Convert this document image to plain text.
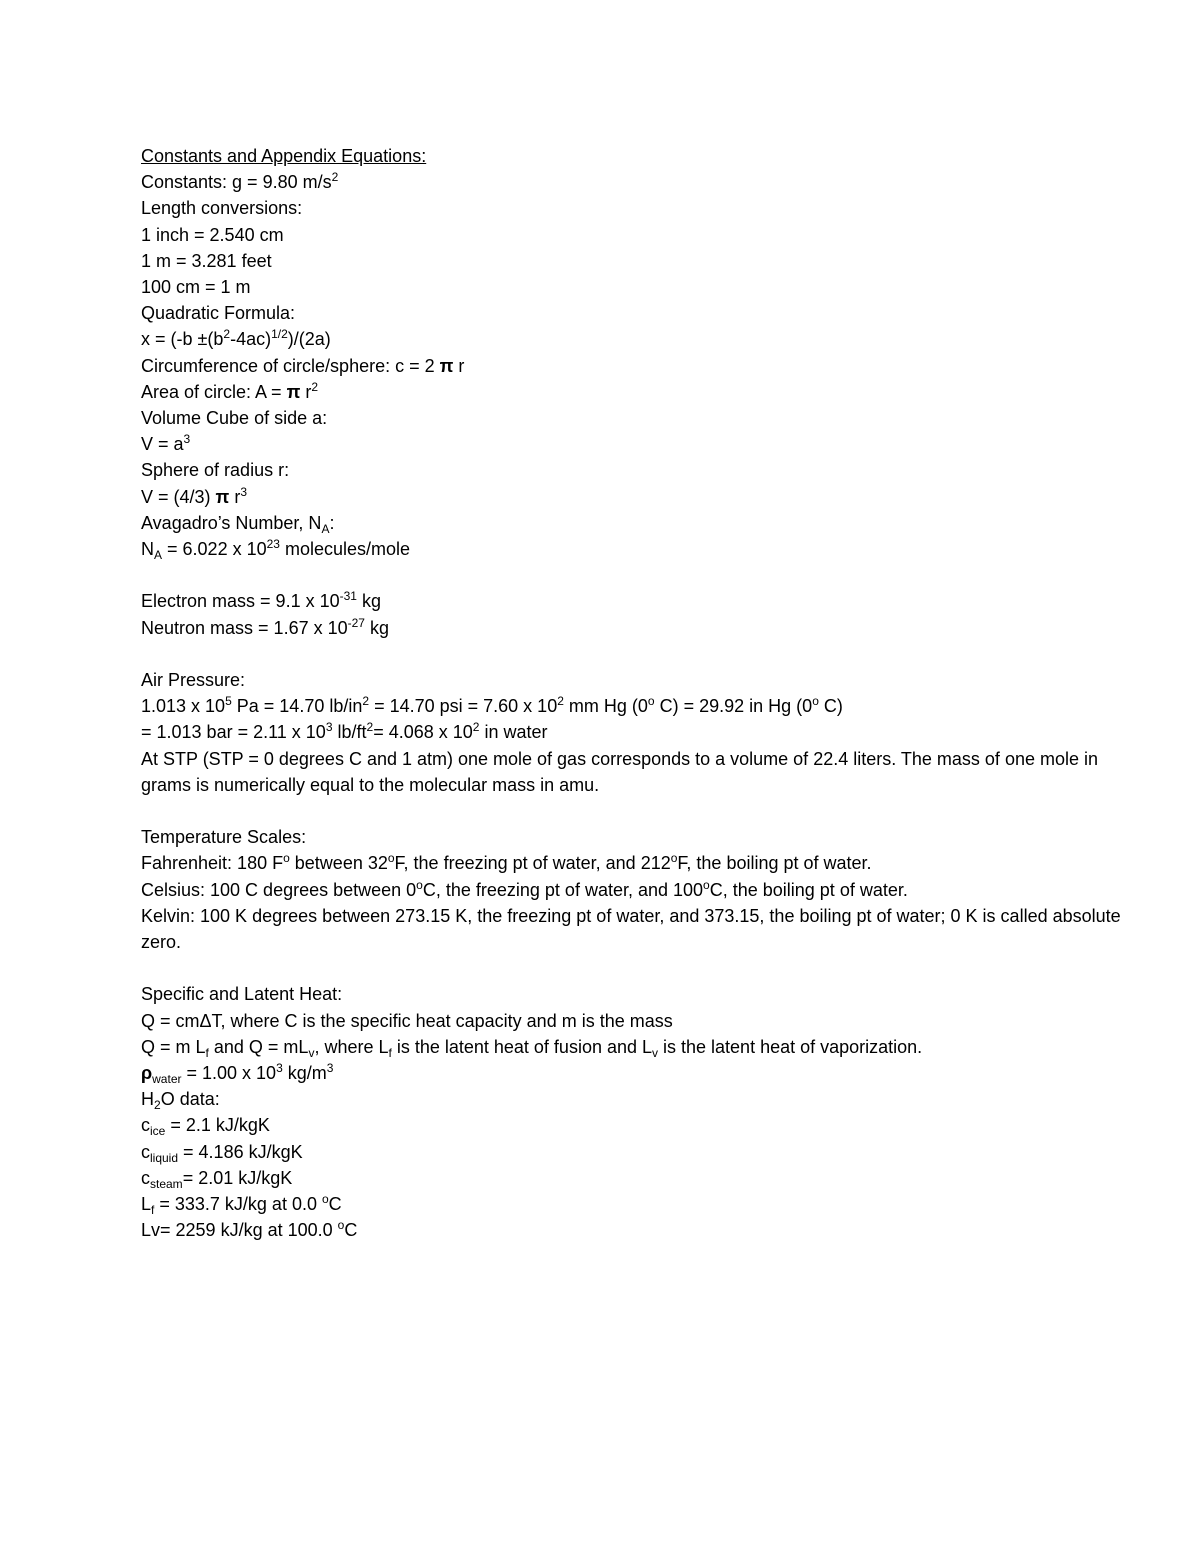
Constants and Appendix Equations:
Constants: g = 9.80 $m/s^2$
Length conversions:
1 inch = 2.540 cm
1 m = 3.281 feet
100 cm = 1 m
Quadratic Formula:
$x = (-b \pm(b^2-4ac)^{1/2})/(2a)$
Circumference of circle/sphere: c = 2 π r
Area of circle: A = π $r^2$
Volume Cube of side a:
$V = a^3$
Sphere of radius r:
V = (4/3) π $r^3$
Avagadro’s Number, $N_A$:
$N_A = 6.022$ x $10^{23}$ molecules/mole
Electron mass = 9.1 x $10^{-31}$ kg
Neutron mass = 1.67 x $10^{-27}$ kg
Air Pressure:
1.013 x $10^5$ Pa = 14.70 $lb/in^2 = 14.70$ psi = 7.60 x $10^2$ mm Hg (0$^o$ C) = 29.92 in Hg (0$^o$ C)
= 1.013 bar = 2.11 x $10^3$ $lb/ft^2= 4.068$ x $10^2$ in water
At STP (STP = 0 degrees C and 1 atm) one mole of gas corresponds to a volume of 22.4 liters. The mass of one mole in grams is numerically equal to the molecular mass in amu.
Temperature Scales:
Fahrenheit: 180 $F^o$ between 32$^o$F, the freezing pt of water, and 212$^o$F, the boiling pt of water.
Celsius: 100 C degrees between 0$^o$C, the freezing pt of water, and 100$^o$C, the boiling pt of water.
Kelvin: 100 K degrees between 273.15 K, the freezing pt of water, and 373.15, the boiling pt of water; 0 K is called absolute zero.
Specific and Latent Heat:
Q = cmΔT, where C is the specific heat capacity and m is the mass
Q = m $L_f$ and $Q = mL_v$, where $L_f$ is the latent heat of fusion and $L_v$ is the latent heat of vaporization.
$\rho_{water} = 1.00$ x $10^3$ $kg/m^3$
$H_2O$ data:
$c_{ice} = 2.1$ kJ/kgK
$c_{liquid} = 4.186$ kJ/kgK
$c_{steam}= 2.01$ kJ/kgK
$L_f = 333.7$ kJ/kg at 0.0 $^o$C
Lv= 2259 kJ/kg at 100.0 $^o$C
